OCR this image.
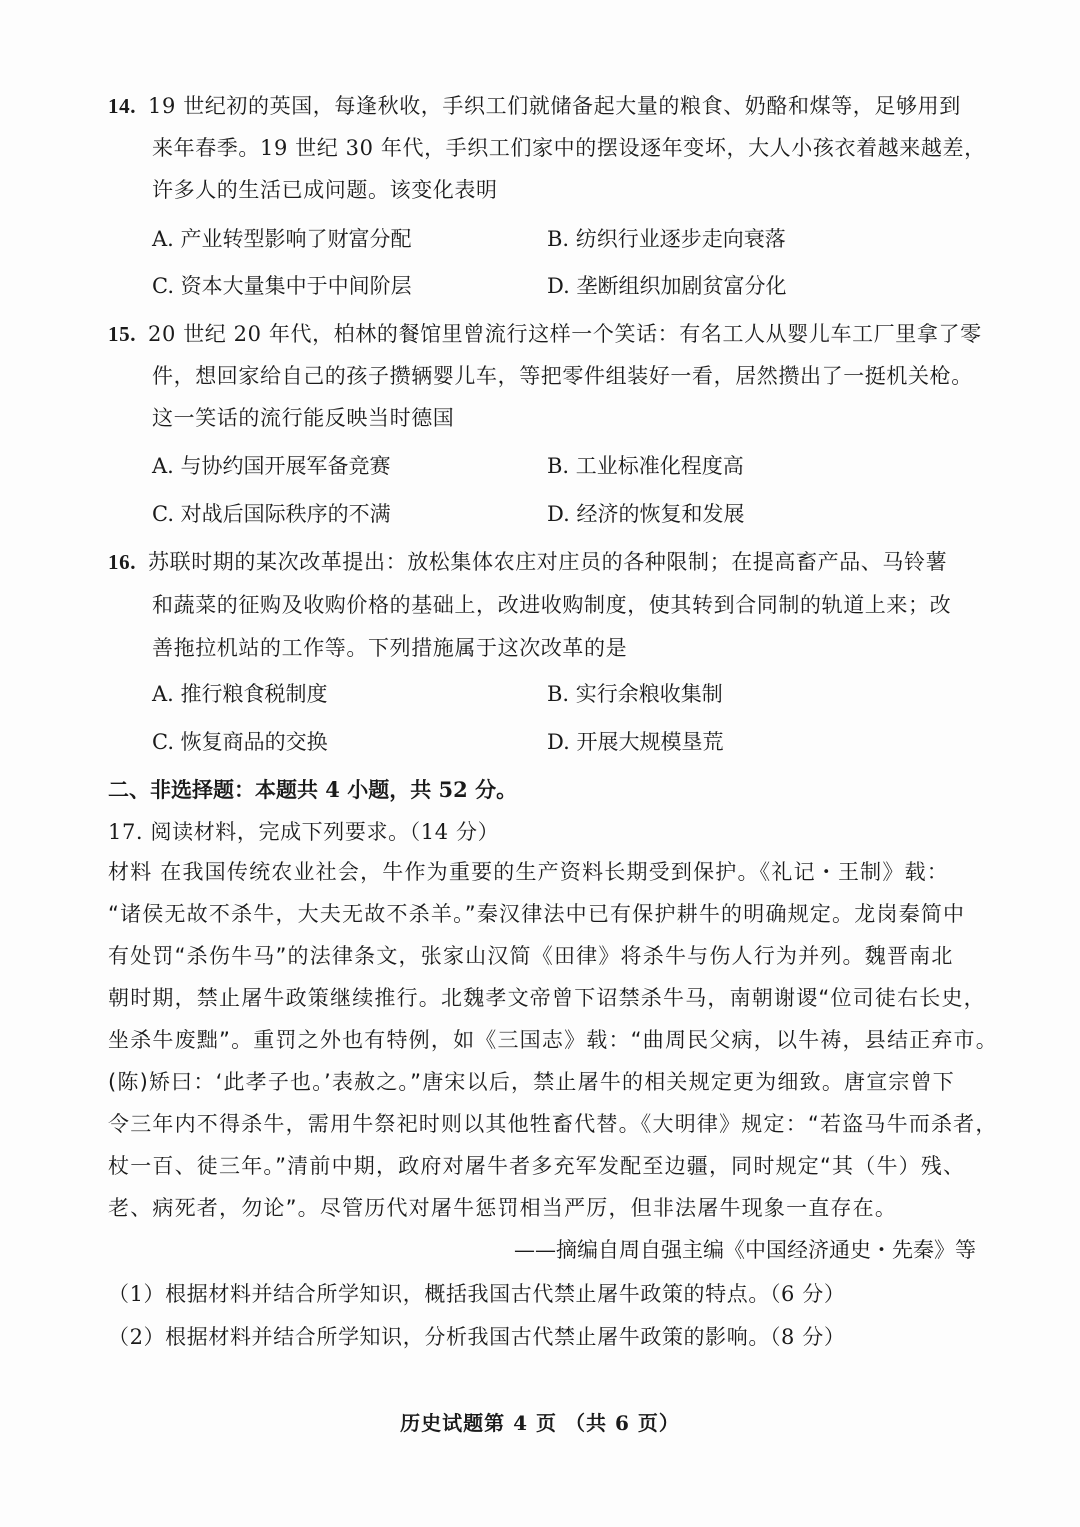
14. 19 世纪初的英国，每逢秋收，手织工们就储备起大量的粮食、奶酪和煤等，足够用到
来年春季。19 世纪 30 年代，手织工们家中的摆设逐年变坏，大人小孩衣着越来越差，
许多人的生活已成问题。该变化表明
A. 产业转型影响了财富分配	B. 纺织行业逐步走向衰落
C. 资本大量集中于中间阶层	D. 垄断组织加剧贫富分化
15. 20 世纪 20 年代，柏林的餐馆里曾流行这样一个笑话：有名工人从婴儿车工厂里拿了零
件，想回家给自己的孩子攒辆婴儿车，等把零件组装好一看，居然攒出了一挺机关枪。
这一笑话的流行能反映当时德国
A. 与协约国开展军备竞赛	B. 工业标准化程度高
C. 对战后国际秩序的不满	D. 经济的恢复和发展
16. 苏联时期的某次改革提出：放松集体农庄对庄员的各种限制；在提高畜产品、马铃薯
和蔬菜的征购及收购价格的基础上，改进收购制度，使其转到合同制的轨道上来；改
善拖拉机站的工作等。下列措施属于这次改革的是
A. 推行粮食税制度	B. 实行余粮收集制
C. 恢复商品的交换	D. 开展大规模垦荒
二、非选择题：本题共 4 小题，共 52 分。
17. 阅读材料，完成下列要求。（14 分）
材料 在我国传统农业社会，牛作为重要的生产资料长期受到保护。《礼记・王制》载：
“诸侯无故不杀牛，大夫无故不杀羊。”秦汉律法中已有保护耕牛的明确规定。龙岗秦简中
有处罚“杀伤牛马”的法律条文，张家山汉简《田律》将杀牛与伤人行为并列。魏晋南北
朝时期，禁止屠牛政策继续推行。北魏孝文帝曾下诏禁杀牛马，南朝谢谡“位司徒右长史，
坐杀牛废黜”。重罚之外也有特例，如《三国志》载：“曲周民父病，以牛祷，县结正弃市。
(陈)矫曰：‘此孝子也。’表赦之。”唐宋以后，禁止屠牛的相关规定更为细致。唐宣宗曾下
令三年内不得杀牛，需用牛祭祀时则以其他牲畜代替。《大明律》规定：“若盗马牛而杀者，
杖一百、徒三年。”清前中期，政府对屠牛者多充军发配至边疆，同时规定“其（牛）残、
老、病死者，勿论”。尽管历代对屠牛惩罚相当严厉，但非法屠牛现象一直存在。
——摘编自周自强主编《中国经济通史・先秦》等
（1）根据材料并结合所学知识，概括我国古代禁止屠牛政策的特点。（6 分）
（2）根据材料并结合所学知识，分析我国古代禁止屠牛政策的影响。（8 分）
历史试题第 4 页 （共 6 页）
